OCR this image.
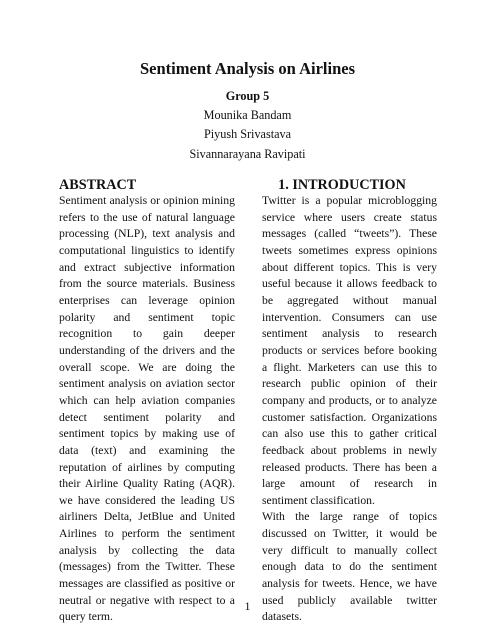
Sentiment Analysis on Airlines
Group 5
Mounika Bandam
Piyush Srivastava
Sivannarayana Ravipati
ABSTRACT	1. INTRODUCTION

Sentiment analysis or opinion mining refers to the use of natural language processing (NLP), text analysis and computational linguistics to identify and extract subjective information from the source materials. Business enterprises can leverage opinion polarity and sentiment topic recognition to gain deeper understanding of the drivers and the overall scope. We are doing the sentiment analysis on aviation sector which can help aviation companies detect sentiment polarity and sentiment topics by making use of data (text) and examining the reputation of airlines by computing their Airline Quality Rating (AQR). we have considered the leading US airliners Delta, JetBlue and United Airlines to perform the sentiment analysis by collecting the data (messages) from the Twitter. These messages are classified as positive or neutral or negative with respect to a query term.

Twitter is a popular microblogging service where users create status messages (called “tweets”). These tweets sometimes express opinions about different topics. This is very useful because it allows feedback to be aggregated without manual intervention. Consumers can use sentiment analysis to research products or services before booking a flight. Marketers can use this to research public opinion of their company and products, or to analyze customer satisfaction. Organizations can also use this to gather critical feedback about problems in newly released products. There has been a large amount of research in sentiment classification.

With the large range of topics discussed on Twitter, it would be very difficult to manually collect enough data to do the sentiment analysis for tweets. Hence, we have used publicly available twitter datasets.

1
